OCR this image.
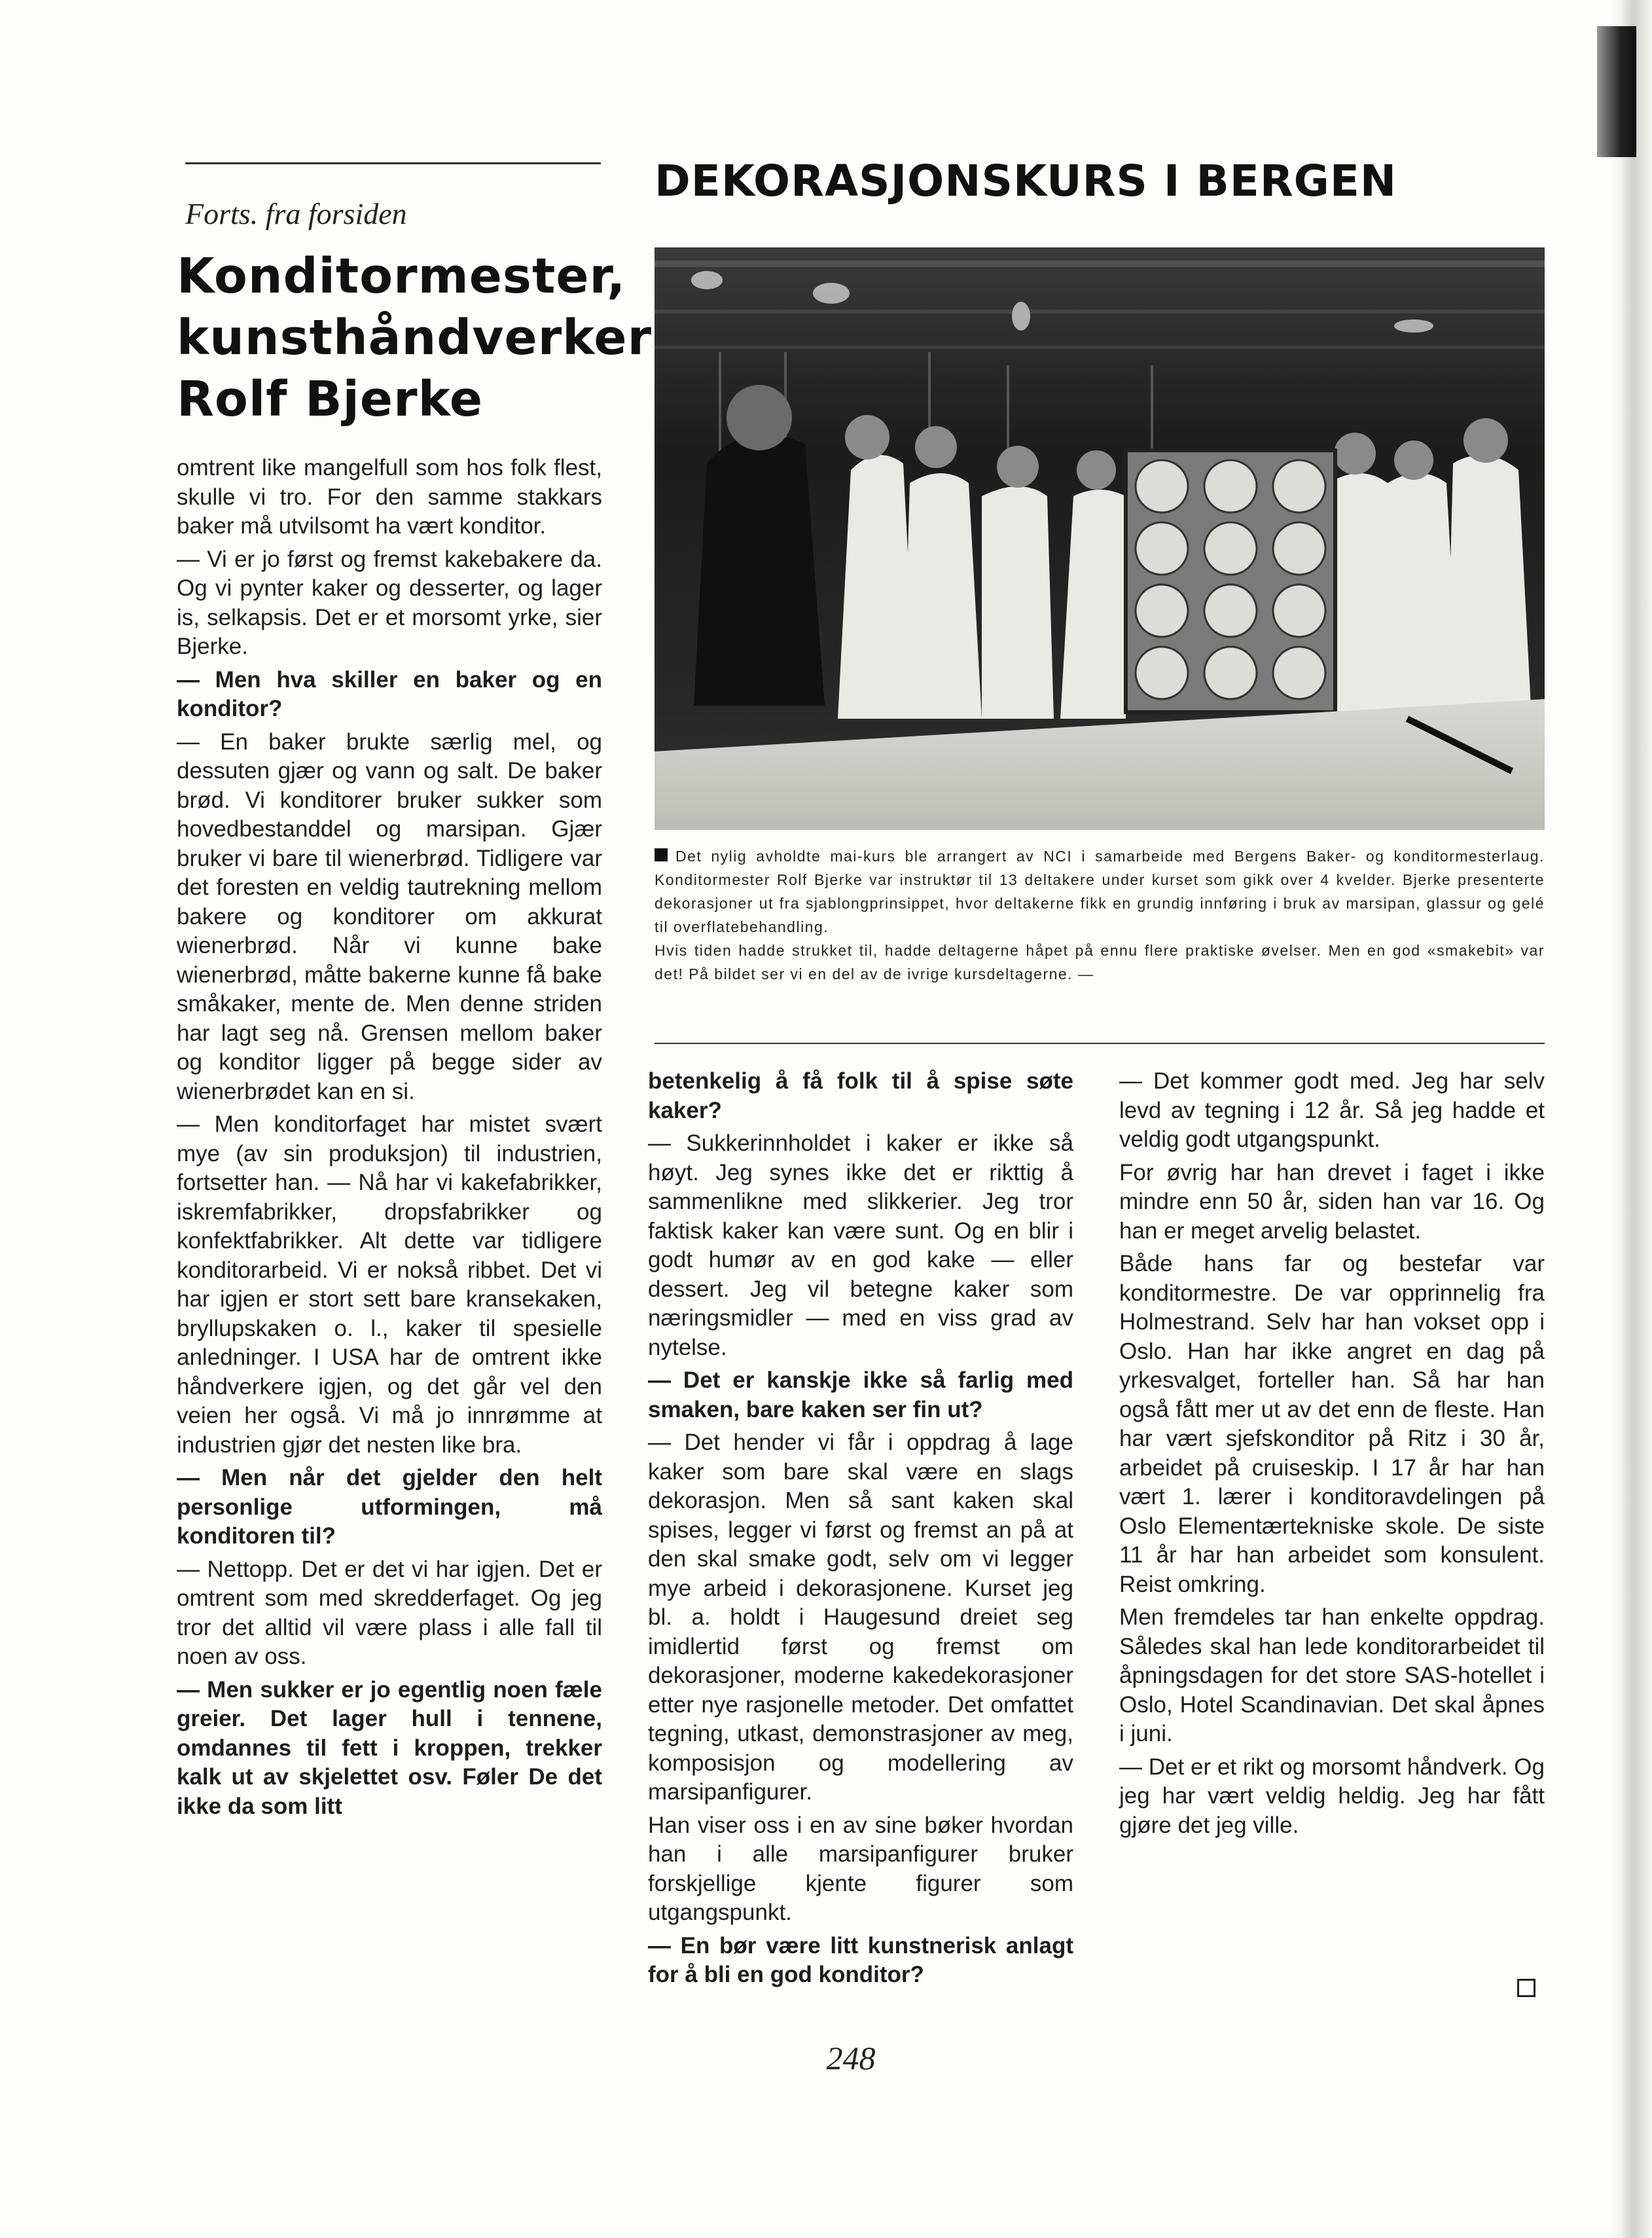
Forts. fra forsiden
Konditormester,
kunsthåndverker
Rolf Bjerke
DEKORASJONSKURS I BERGEN

Det nylig avholdte mai-kurs ble arrangert av NCI i samarbeide med Bergens Baker- og konditormesterlaug. Konditormester Rolf Bjerke var instruktør til 13 deltakere under kurset som gikk over 4 kvelder. Bjerke presenterte dekorasjoner ut fra sjablongprinsippet, hvor deltakerne fikk en grundig innføring i bruk av marsipan, glassur og gelé til overflatebehandling.

Hvis tiden hadde strukket til, hadde deltagerne håpet på ennu flere praktiske øvelser. Men en god «smakebit» var det! På bildet ser vi en del av de ivrige kursdeltagerne. —

omtrent like mangelfull som hos folk flest, skulle vi tro. For den samme stakkars baker må utvilsomt ha vært konditor.

— Vi er jo først og fremst kakebakere da. Og vi pynter kaker og desserter, og lager is, selkapsis. Det er et morsomt yrke, sier Bjerke.

— Men hva skiller en baker og en konditor?

— En baker brukte særlig mel, og dessuten gjær og vann og salt. De baker brød. Vi konditorer bruker sukker som hovedbestanddel og marsipan. Gjær bruker vi bare til wienerbrød. Tidligere var det foresten en veldig tautrekning mellom bakere og konditorer om akkurat wienerbrød. Når vi kunne bake wienerbrød, måtte bakerne kunne få bake småkaker, mente de. Men denne striden har lagt seg nå. Grensen mellom baker og konditor ligger på begge sider av wienerbrødet kan en si.

— Men konditorfaget har mistet svært mye (av sin produksjon) til industrien, fortsetter han. — Nå har vi kakefabrikker, iskremfabrikker, dropsfabrikker og konfektfabrikker. Alt dette var tidligere konditorarbeid. Vi er nokså ribbet. Det vi har igjen er stort sett bare kransekaken, bryllupskaken o. l., kaker til spesielle anledninger. I USA har de omtrent ikke håndverkere igjen, og det går vel den veien her også. Vi må jo innrømme at industrien gjør det nesten like bra.

— Men når det gjelder den helt personlige utformingen, må konditoren til?

— Nettopp. Det er det vi har igjen. Det er omtrent som med skredderfaget. Og jeg tror det alltid vil være plass i alle fall til noen av oss.

— Men sukker er jo egentlig noen fæle greier. Det lager hull i tennene, omdannes til fett i kroppen, trekker kalk ut av skjelettet osv. Føler De det ikke da som litt

betenkelig å få folk til å spise søte kaker?

— Sukkerinnholdet i kaker er ikke så høyt. Jeg synes ikke det er rikttig å sammenlikne med slikkerier. Jeg tror faktisk kaker kan være sunt. Og en blir i godt humør av en god kake — eller dessert. Jeg vil betegne kaker som næringsmidler — med en viss grad av nytelse.

— Det er kanskje ikke så farlig med smaken, bare kaken ser fin ut?

— Det hender vi får i oppdrag å lage kaker som bare skal være en slags dekorasjon. Men så sant kaken skal spises, legger vi først og fremst an på at den skal smake godt, selv om vi legger mye arbeid i dekorasjonene. Kurset jeg bl. a. holdt i Haugesund dreiet seg imidlertid først og fremst om dekorasjoner, moderne kakedekorasjoner etter nye rasjonelle metoder. Det omfattet tegning, utkast, demonstrasjoner av meg, komposisjon og modellering av marsipanfigurer.

Han viser oss i en av sine bøker hvordan han i alle marsipanfigurer bruker forskjellige kjente figurer som utgangspunkt.

— En bør være litt kunstnerisk anlagt for å bli en god konditor?

— Det kommer godt med. Jeg har selv levd av tegning i 12 år. Så jeg hadde et veldig godt utgangspunkt.

For øvrig har han drevet i faget i ikke mindre enn 50 år, siden han var 16. Og han er meget arvelig belastet.

Både hans far og bestefar var konditormestre. De var opprinnelig fra Holmestrand. Selv har han vokset opp i Oslo. Han har ikke angret en dag på yrkesvalget, forteller han. Så har han også fått mer ut av det enn de fleste. Han har vært sjefskonditor på Ritz i 30 år, arbeidet på cruiseskip. I 17 år har han vært 1. lærer i konditoravdelingen på Oslo Elementærtekniske skole. De siste 11 år har han arbeidet som konsulent. Reist omkring.

Men fremdeles tar han enkelte oppdrag. Således skal han lede konditorarbeidet til åpningsdagen for det store SAS-hotellet i Oslo, Hotel Scandinavian. Det skal åpnes i juni.

— Det er et rikt og morsomt håndverk. Og jeg har vært veldig heldig. Jeg har fått gjøre det jeg ville.

248
